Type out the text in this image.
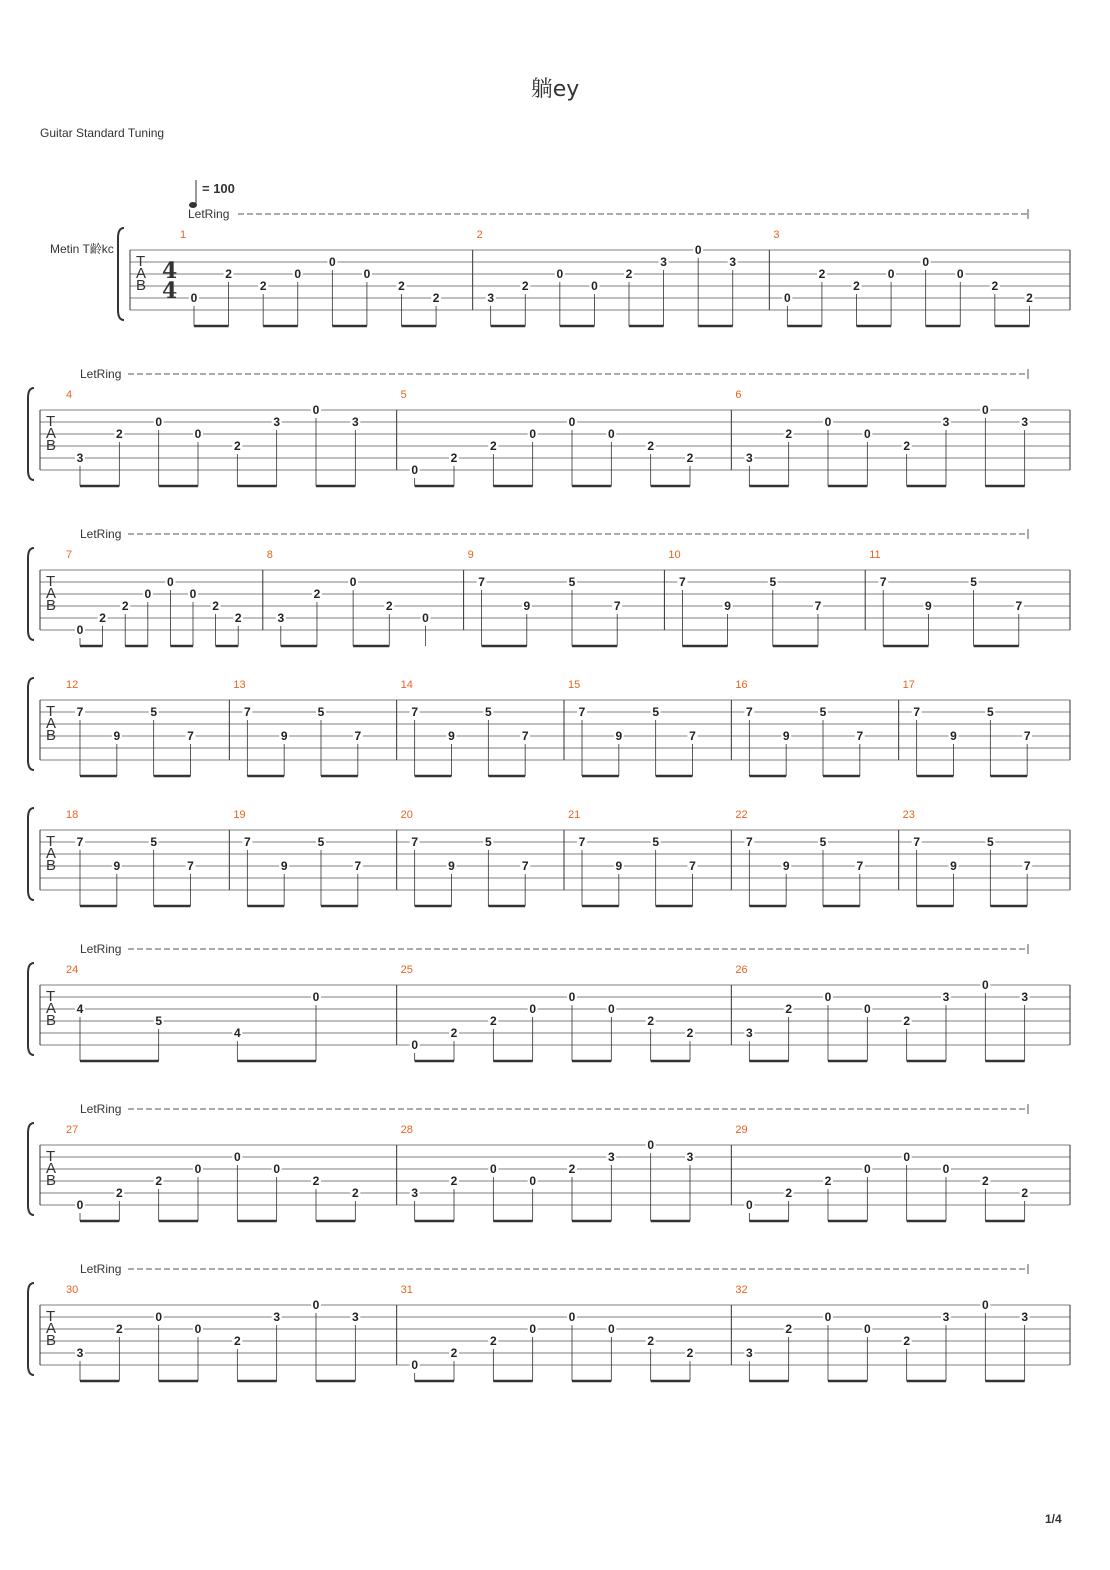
躺ey
Guitar Standard Tuning
= 100
Metin T齡kc
1/4
T
A
B
4
4
LetRing
1
0
2
2
0
0
0
2
2
2
3
2
0
0
2
3
0
3
3
0
2
2
0
0
0
2
2
T
A
B
LetRing
4
3
2
0
0
2
3
0
3
5
0
2
2
0
0
0
2
2
6
3
2
0
0
2
3
0
3
T
A
B
LetRing
7
0
2
2
0
0
0
2
2
8
3
2
0
2
0
9
7
9
5
7
10
7
9
5
7
11
7
9
5
7
T
A
B
12
7
9
5
7
13
7
9
5
7
14
7
9
5
7
15
7
9
5
7
16
7
9
5
7
17
7
9
5
7
T
A
B
18
7
9
5
7
19
7
9
5
7
20
7
9
5
7
21
7
9
5
7
22
7
9
5
7
23
7
9
5
7
T
A
B
LetRing
24
4
5
4
0
25
0
2
2
0
0
0
2
2
26
3
2
0
0
2
3
0
3
T
A
B
LetRing
27
0
2
2
0
0
0
2
2
28
3
2
0
0
2
3
0
3
29
0
2
2
0
0
0
2
2
T
A
B
LetRing
30
3
2
0
0
2
3
0
3
31
0
2
2
0
0
0
2
2
32
3
2
0
0
2
3
0
3
